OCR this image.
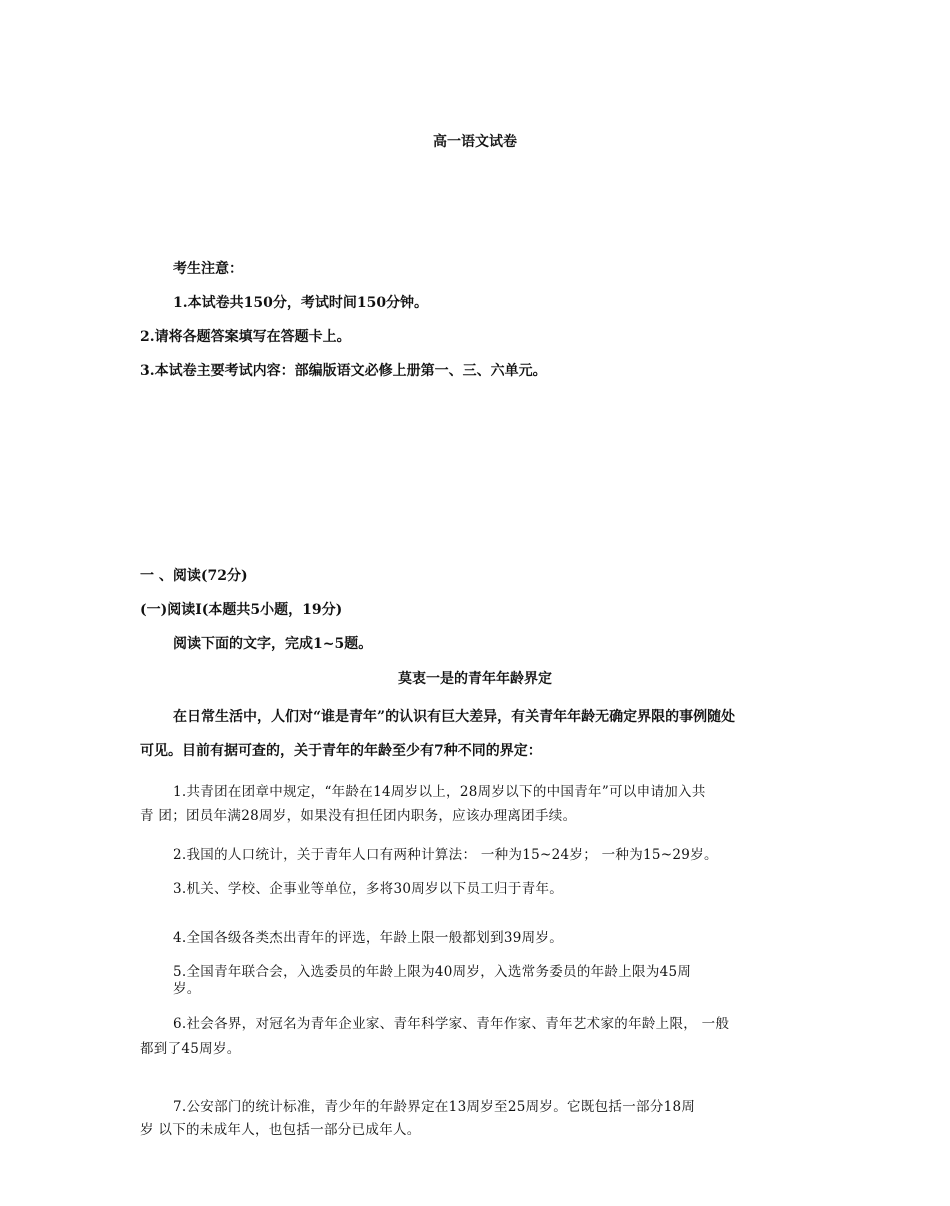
高一语文试卷

考生注意：

1.本试卷共150分，考试时间150分钟。

2.请将各题答案填写在答题卡上。

3.本试卷主要考试内容：部编版语文必修上册第一、三、六单元。

一 、阅读(72分)

(一)阅读Ⅰ(本题共5小题，19分)

阅读下面的文字，完成1~5题。

莫衷一是的青年年龄界定

在日常生活中，人们对“谁是青年”的认识有巨大差异，有关青年年龄无确定界限的事例随处

可见。目前有据可查的，关于青年的年龄至少有7种不同的界定：

1.共青团在团章中规定，“年龄在14周岁以上，28周岁以下的中国青年”可以申请加入共

青 团；团员年满28周岁，如果没有担任团内职务，应该办理离团手续。

2.我国的人口统计，关于青年人口有两种计算法： 一种为15~24岁； 一种为15~29岁。

3.机关、学校、企事业等单位，多将30周岁以下员工归于青年。

4.全国各级各类杰出青年的评选，年龄上限一般都划到39周岁。

5.全国青年联合会，入选委员的年龄上限为40周岁，入选常务委员的年龄上限为45周

岁。

6.社会各界，对冠名为青年企业家、青年科学家、青年作家、青年艺术家的年龄上限， 一般

都到了45周岁。

7.公安部门的统计标准，青少年的年龄界定在13周岁至25周岁。它既包括一部分18周

岁 以下的未成年人，也包括一部分已成年人。
